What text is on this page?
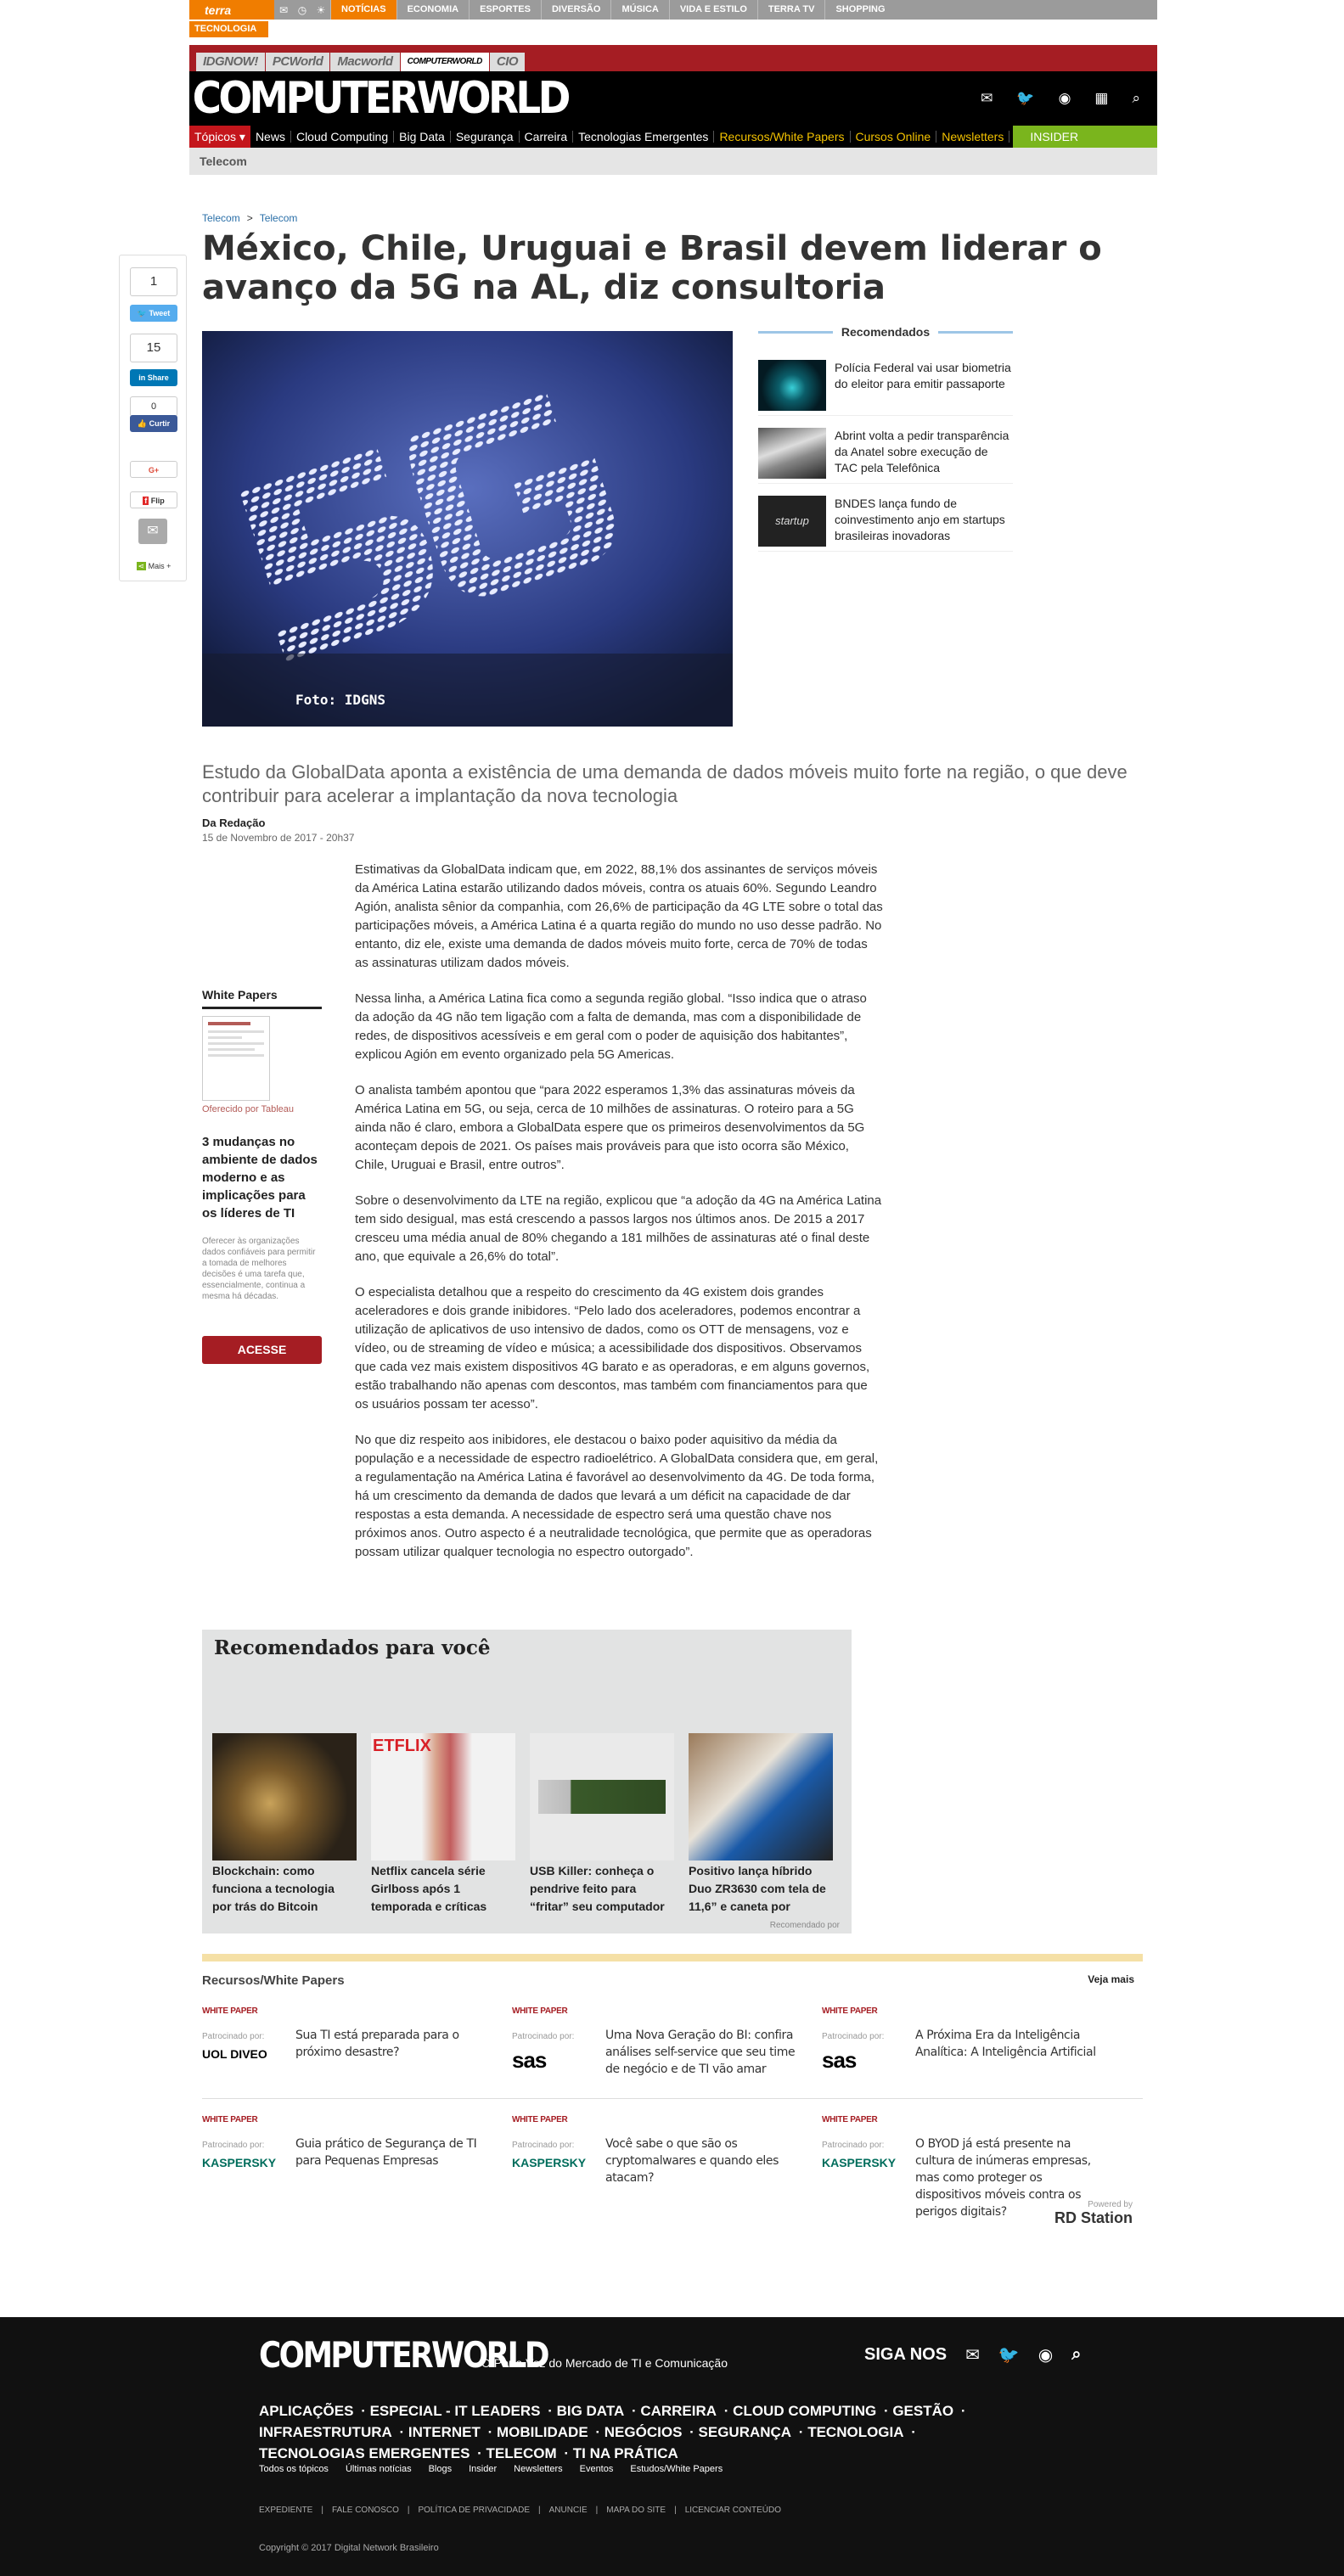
terra	✉ ◷ ☀	NOTÍCIAS	ECONOMIA	ESPORTES	DIVERSÃO	MÚSICA	VIDA E ESTILO	TERRA TV	SHOPPING
TECNOLOGIA
IDGNOW!	PCWorld	Macworld	COMPUTERWORLD	CIO
COMPUTERWORLD	✉ 🐦 ◉ ▦ ⌕
Tópicos ▾ News Cloud Computing Big Data Segurança Carreira Tecnologias Emergentes Recursos/White Papers Cursos Online Newsletters	INSIDER
Telecom
Telecom > Telecom
México, Chile, Uruguai e Brasil devem liderar o avanço da 5G na AL, diz consultoria
1
🐦 Tweet
15
in Share
0
👍 Curtir
G+
f Flip
✉
⋖ Mais +
Foto: IDGNS
Recomendados
Polícia Federal vai usar biometria do eleitor para emitir passaporte
Abrint volta a pedir transparência da Anatel sobre execução de TAC pela Telefônica
startup
BNDES lança fundo de coinvestimento anjo em startups brasileiras inovadoras
Estudo da GlobalData aponta a existência de uma demanda de dados móveis muito forte na região, o que deve contribuir para acelerar a implantação da nova tecnologia
Da Redação
15 de Novembro de 2017 - 20h37

Estimativas da GlobalData indicam que, em 2022, 88,1% dos assinantes de serviços móveis da América Latina estarão utilizando dados móveis, contra os atuais 60%. Segundo Leandro Agión, analista sênior da companhia, com 26,6% de participação da 4G LTE sobre o total das participações móveis, a América Latina é a quarta região do mundo no uso desse padrão. No entanto, diz ele, existe uma demanda de dados móveis muito forte, cerca de 70% de todas as assinaturas utilizam dados móveis.

Nessa linha, a América Latina fica como a segunda região global. “Isso indica que o atraso da adoção da 4G não tem ligação com a falta de demanda, mas com a disponibilidade de redes, de dispositivos acessíveis e em geral com o poder de aquisição dos habitantes”, explicou Agión em evento organizado pela 5G Americas.

O analista também apontou que “para 2022 esperamos 1,3% das assinaturas móveis da América Latina em 5G, ou seja, cerca de 10 milhões de assinaturas. O roteiro para a 5G ainda não é claro, embora a GlobalData espere que os primeiros desenvolvimentos da 5G aconteçam depois de 2021. Os países mais prováveis para que isto ocorra são México, Chile, Uruguai e Brasil, entre outros”.

Sobre o desenvolvimento da LTE na região, explicou que “a adoção da 4G na América Latina tem sido desigual, mas está crescendo a passos largos nos últimos anos. De 2015 a 2017 cresceu uma média anual de 80% chegando a 181 milhões de assinaturas até o final deste ano, que equivale a 26,6% do total”.

O especialista detalhou que a respeito do crescimento da 4G existem dois grandes aceleradores e dois grande inibidores. “Pelo lado dos aceleradores, podemos encontrar a utilização de aplicativos de uso intensivo de dados, como os OTT de mensagens, voz e vídeo, ou de streaming de vídeo e música; a acessibilidade dos dispositivos. Observamos que cada vez mais existem dispositivos 4G barato e as operadoras, e em alguns governos, estão trabalhando não apenas com descontos, mas também com financiamentos para que os usuários possam ter acesso”.

No que diz respeito aos inibidores, ele destacou o baixo poder aquisitivo da média da população e a necessidade de espectro radioelétrico. A GlobalData considera que, em geral, a regulamentação na América Latina é favorável ao desenvolvimento da 4G. De toda forma, há um crescimento da demanda de dados que levará a um déficit na capacidade de dar respostas a esta demanda. A necessidade de espectro será uma questão chave nos próximos anos. Outro aspecto é a neutralidade tecnológica, que permite que as operadoras possam utilizar qualquer tecnologia no espectro outorgado”.

White Papers
Oferecido por Tableau
3 mudanças no ambiente de dados moderno e as implicações para os líderes de TI
Oferecer às organizações dados confiáveis para permitir a tomada de melhores decisões é uma tarefa que, essencialmente, continua a mesma há décadas.
ACESSE
Recomendados para você
Blockchain: como funciona a tecnologia por trás do Bitcoin
ETFLIX
Netflix cancela série Girlboss após 1 temporada e críticas
USB Killer: conheça o pendrive feito para “fritar” seu computador
Positivo lança híbrido Duo ZR3630 com tela de 11,6” e caneta por
Recomendado por
Recursos/White Papers	Veja mais
WHITE PAPER
Patrocinado por:
UOL DIVEO
Sua TI está preparada para o próximo desastre?
WHITE PAPER
Patrocinado por:
sas
Uma Nova Geração do BI: confira análises self-service que seu time de negócio e de TI vão amar
WHITE PAPER
Patrocinado por:
sas
A Próxima Era da Inteligência Analítica: A Inteligência Artificial
WHITE PAPER
Patrocinado por:
KASPERSKY
Guia prático de Segurança de TI para Pequenas Empresas
WHITE PAPER
Patrocinado por:
KASPERSKY
Você sabe o que são os cryptomalwares e quando eles atacam?
WHITE PAPER
Patrocinado por:
KASPERSKY
O BYOD já está presente na cultura de inúmeras empresas, mas como proteger os dispositivos móveis contra os perigos digitais?
Powered by
RD Station
COMPUTERWORLD
O Porta Voz do Mercado de TI e Comunicação	SIGA NOS ✉ 🐦 ◉ ⌕
APLICAÇÕES · ESPECIAL - IT LEADERS · BIG DATA · CARREIRA · CLOUD COMPUTING · GESTÃO · INFRAESTRUTURA · INTERNET · MOBILIDADE · NEGÓCIOS · SEGURANÇA · TECNOLOGIA · TECNOLOGIAS EMERGENTES · TELECOM · TI NA PRÁTICA
Todos os tópicos Últimas notícias Blogs Insider Newsletters Eventos Estudos/White Papers
EXPEDIENTE | FALE CONOSCO | POLÍTICA DE PRIVACIDADE | ANUNCIE | MAPA DO SITE | LICENCIAR CONTEÚDO
Copyright © 2017 Digital Network Brasileiro
